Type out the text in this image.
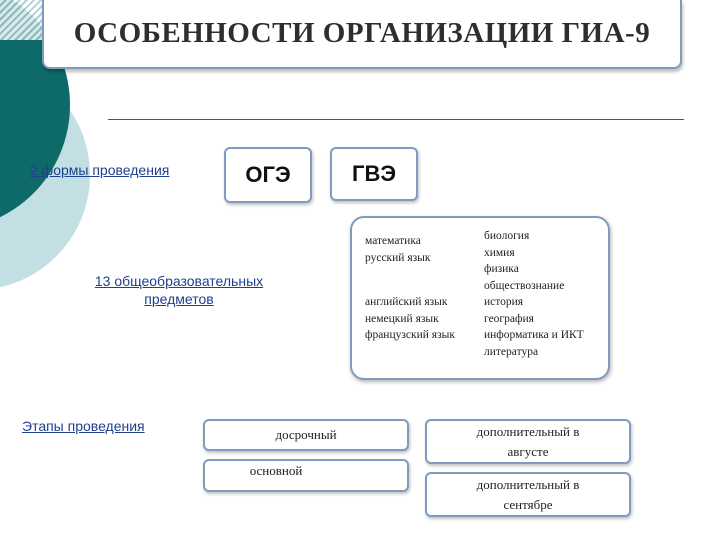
ОСОБЕННОСТИ ОРГАНИЗАЦИИ ГИА-9
2 формы проведения	ОГЭ	ГВЭ
13 общеобразовательных
предметов
математика
русский язык
английский язык
немецкий язык
французский язык
биология
химия
физика
обществознание
история
география
информатика и ИКТ
литература
Этапы проведения
досрочный
основной
дополнительный в
августе
дополнительный в
сентябре
